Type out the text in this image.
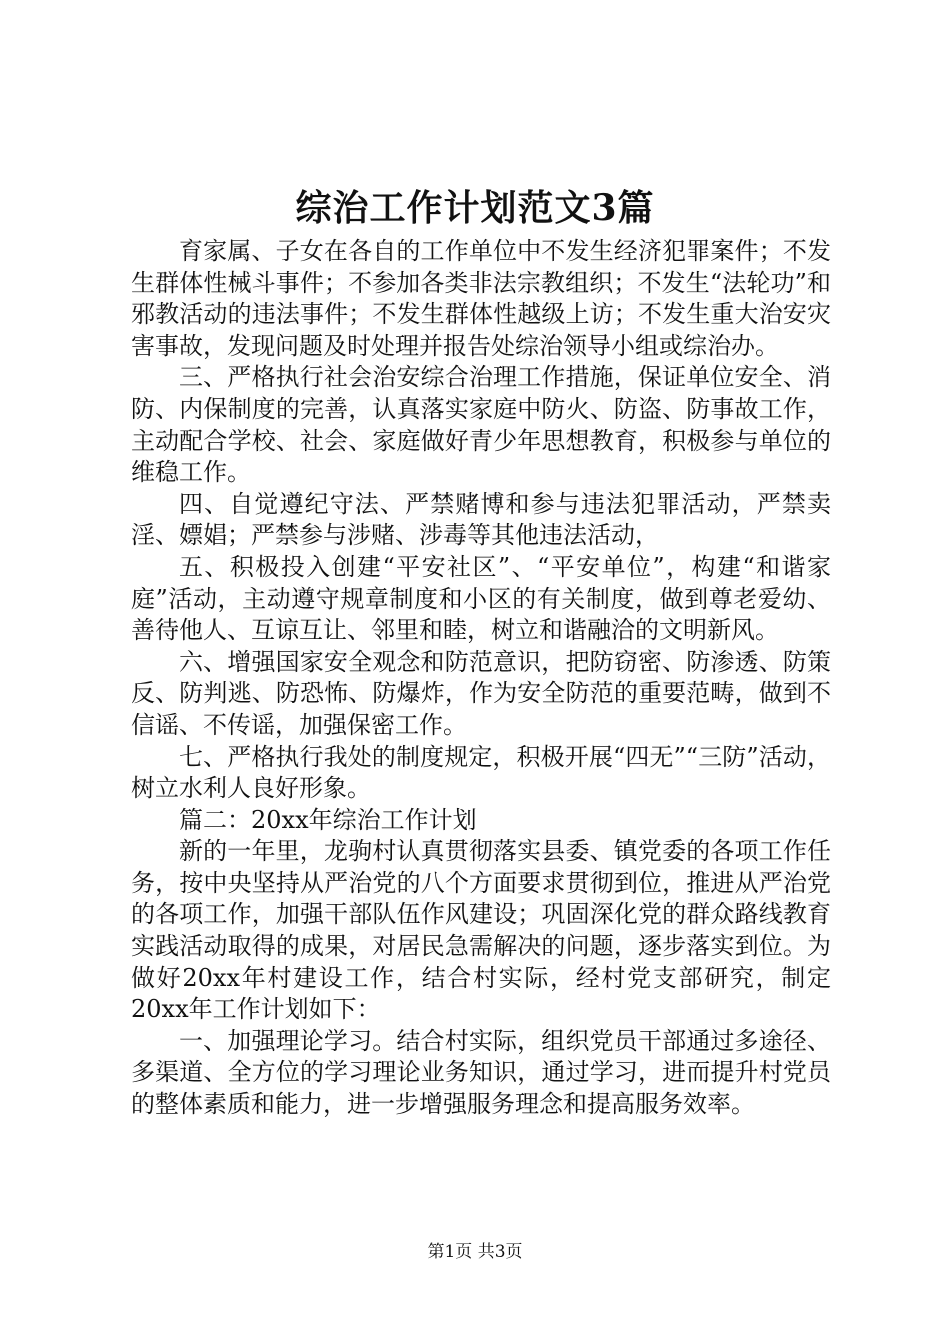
综治工作计划范文3篇

育家属、子女在各自的工作单位中不发生经济犯罪案件；不发生群体性械斗事件；不参加各类非法宗教组织；不发生“法轮功”和邪教活动的违法事件；不发生群体性越级上访；不发生重大治安灾害事故，发现问题及时处理并报告处综治领导小组或综治办。

三、严格执行社会治安综合治理工作措施，保证单位安全、消防、内保制度的完善，认真落实家庭中防火、防盗、防事故工作，主动配合学校、社会、家庭做好青少年思想教育，积极参与单位的维稳工作。

四、自觉遵纪守法、严禁赌博和参与违法犯罪活动，严禁卖淫、嫖娼；严禁参与涉赌、涉毒等其他违法活动，

五、积极投入创建“平安社区”、“平安单位”，构建“和谐家庭”活动，主动遵守规章制度和小区的有关制度，做到尊老爱幼、善待他人、互谅互让、邻里和睦，树立和谐融洽的文明新风。

六、增强国家安全观念和防范意识，把防窃密、防渗透、防策反、防判逃、防恐怖、防爆炸，作为安全防范的重要范畴，做到不信谣、不传谣，加强保密工作。

七、严格执行我处的制度规定，积极开展“四无”“三防”活动，树立水利人良好形象。

篇二：20xx年综治工作计划

新的一年里，龙驹村认真贯彻落实县委、镇党委的各项工作任务，按中央坚持从严治党的八个方面要求贯彻到位，推进从严治党的各项工作，加强干部队伍作风建设；巩固深化党的群众路线教育实践活动取得的成果，对居民急需解决的问题，逐步落实到位。为做好20xx年村建设工作，结合村实际，经村党支部研究，制定20xx年工作计划如下：

一、加强理论学习。结合村实际，组织党员干部通过多途径、多渠道、全方位的学习理论业务知识，通过学习，进而提升村党员的整体素质和能力，进一步增强服务理念和提高服务效率。

第1页 共3页
